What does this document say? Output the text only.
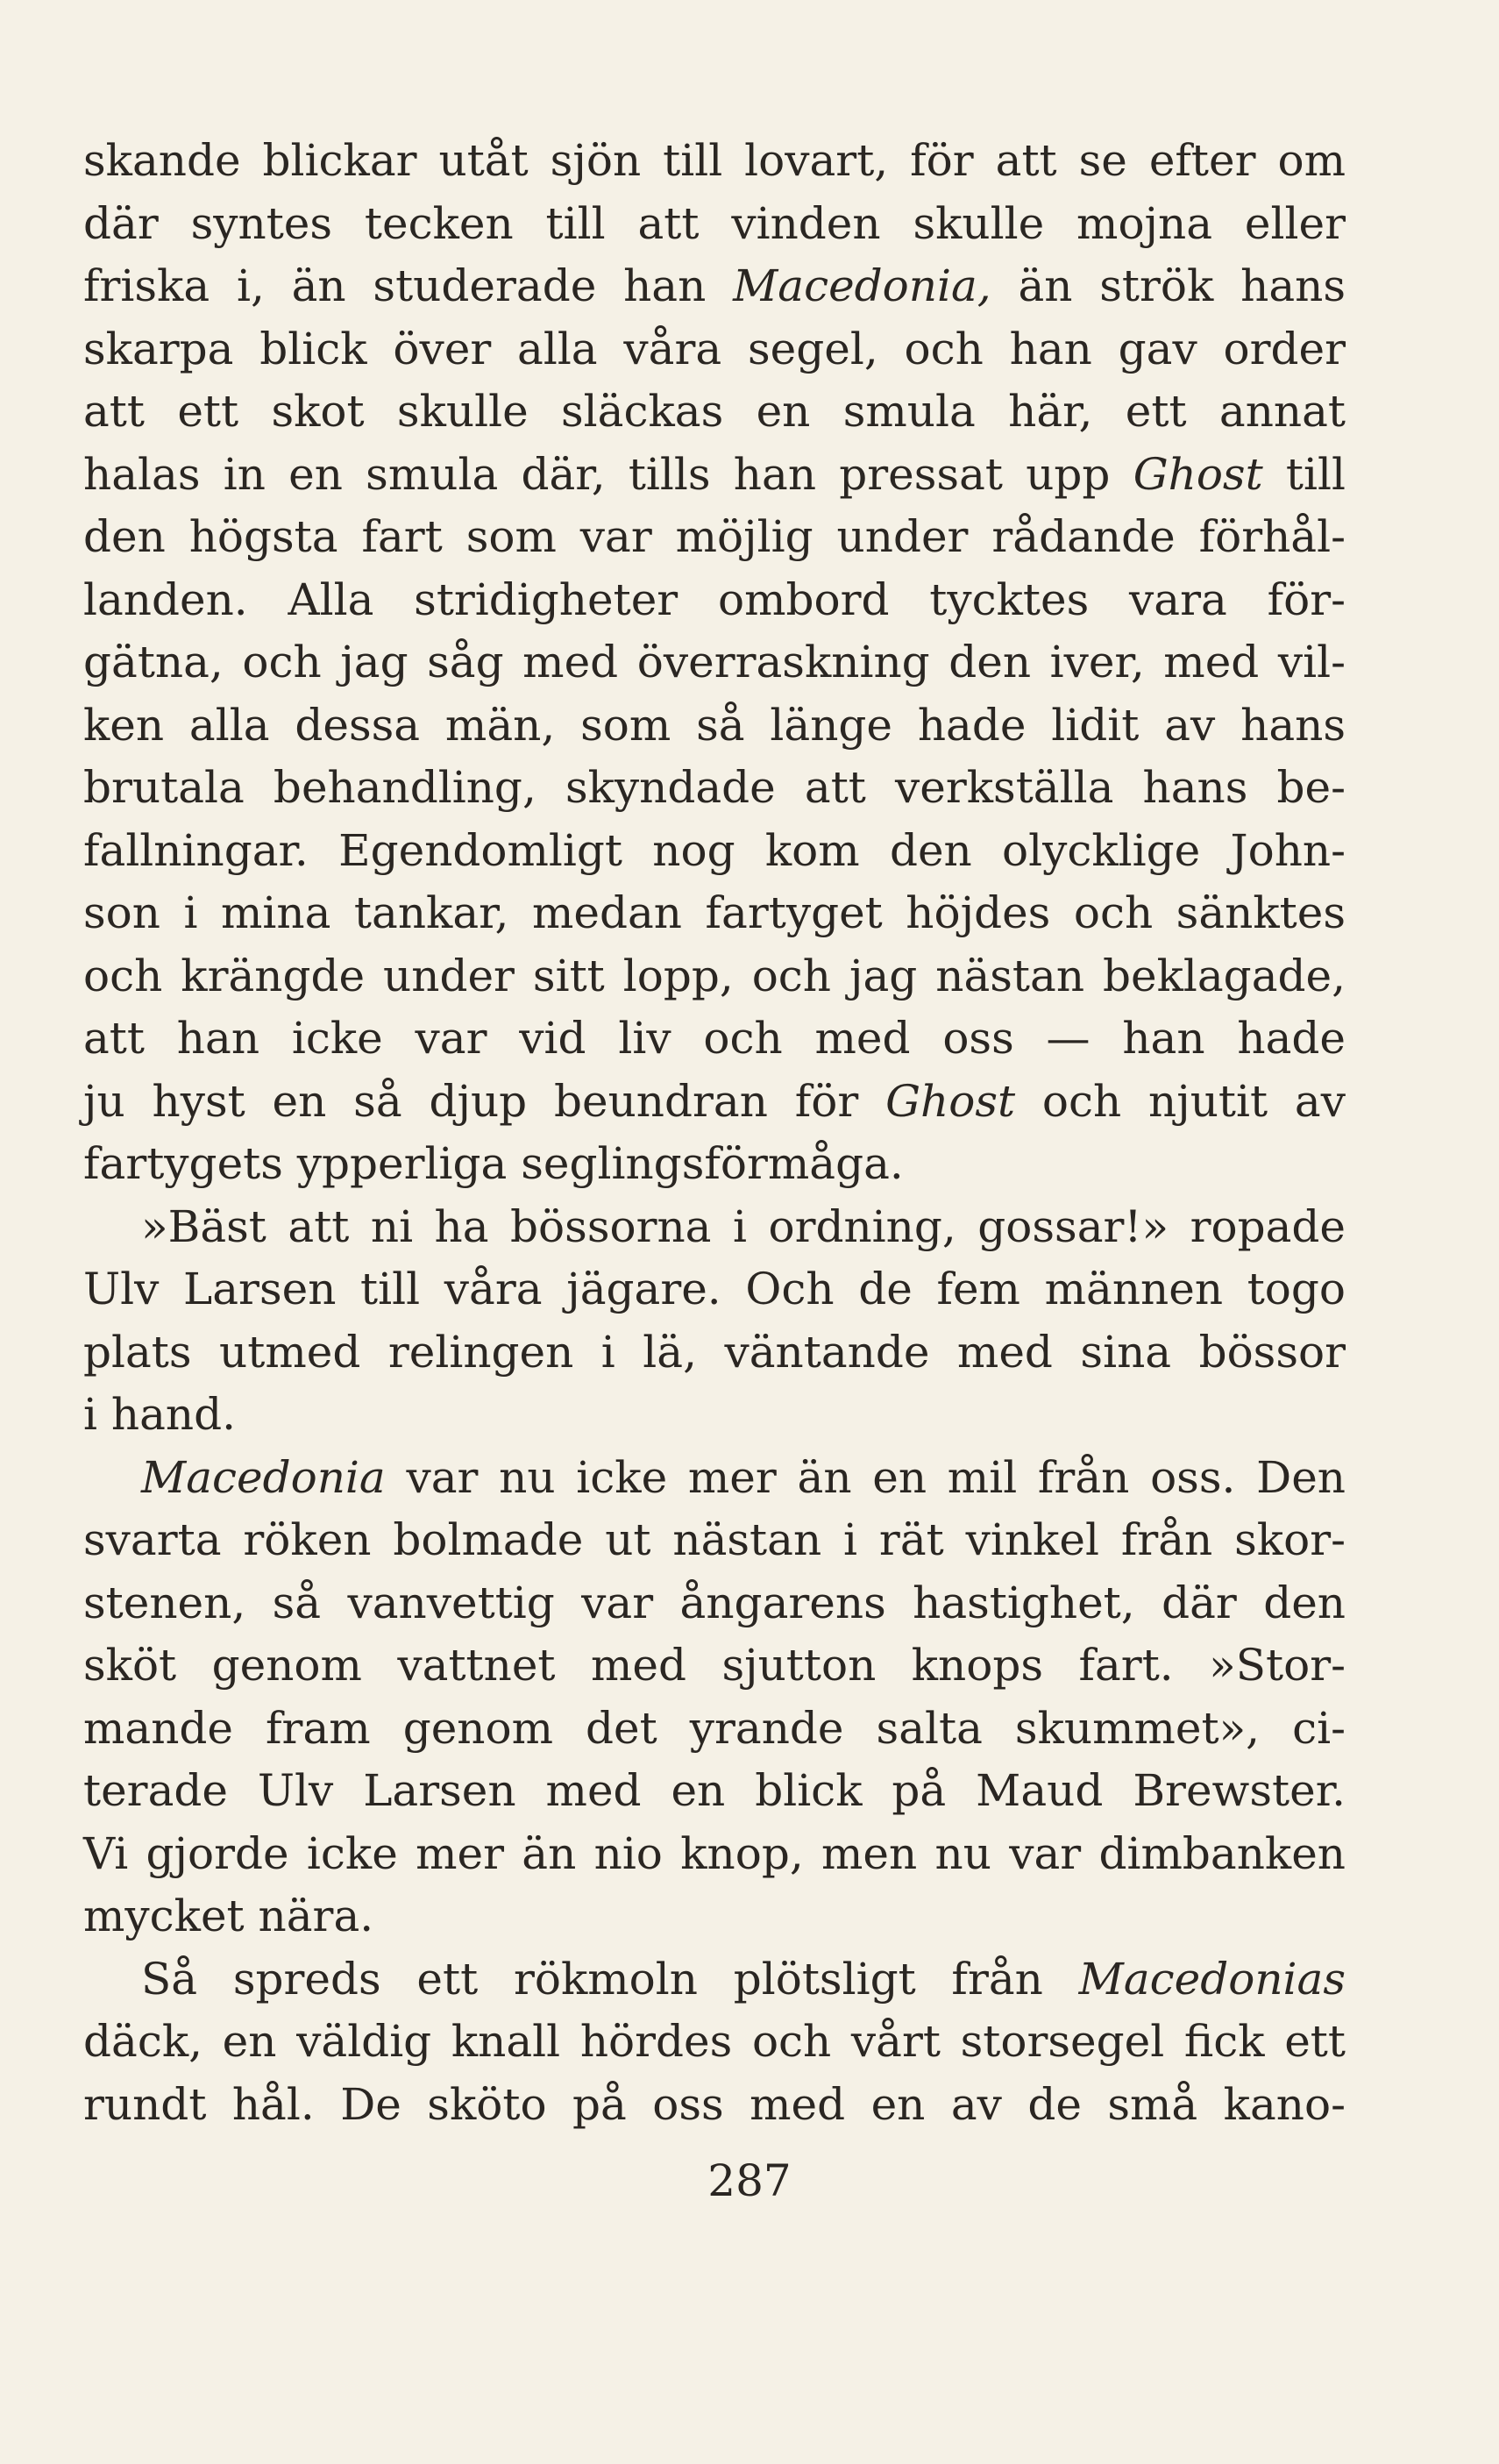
skande blickar utåt sjön till lovart, för att se efter om
där syntes tecken till att vinden skulle mojna eller
friska i, än studerade han Macedonia, än strök hans
skarpa blick över alla våra segel, och han gav order
att ett skot skulle släckas en smula här, ett annat
halas in en smula där, tills han pressat upp Ghost till
den högsta fart som var möjlig under rådande förhål-
landen. Alla stridigheter ombord tycktes vara för-
gätna, och jag såg med överraskning den iver, med vil-
ken alla dessa män, som så länge hade lidit av hans
brutala behandling, skyndade att verkställa hans be-
fallningar. Egendomligt nog kom den olycklige John-
son i mina tankar, medan fartyget höjdes och sänktes
och krängde under sitt lopp, och jag nästan beklagade,
att han icke var vid liv och med oss — han hade
ju hyst en så djup beundran för Ghost och njutit av
fartygets ypperliga seglingsförmåga.
»Bäst att ni ha bössorna i ordning, gossar!» ropade
Ulv Larsen till våra jägare. Och de fem männen togo
plats utmed relingen i lä, väntande med sina bössor
i hand.
Macedonia var nu icke mer än en mil från oss. Den
svarta röken bolmade ut nästan i rät vinkel från skor-
stenen, så vanvettig var ångarens hastighet, där den
sköt genom vattnet med sjutton knops fart. »Stor-
mande fram genom det yrande salta skummet», ci-
terade Ulv Larsen med en blick på Maud Brewster.
Vi gjorde icke mer än nio knop, men nu var dimbanken
mycket nära.
Så spreds ett rökmoln plötsligt från Macedonias
däck, en väldig knall hördes och vårt storsegel fick ett
rundt hål. De sköto på oss med en av de små kano-
287
